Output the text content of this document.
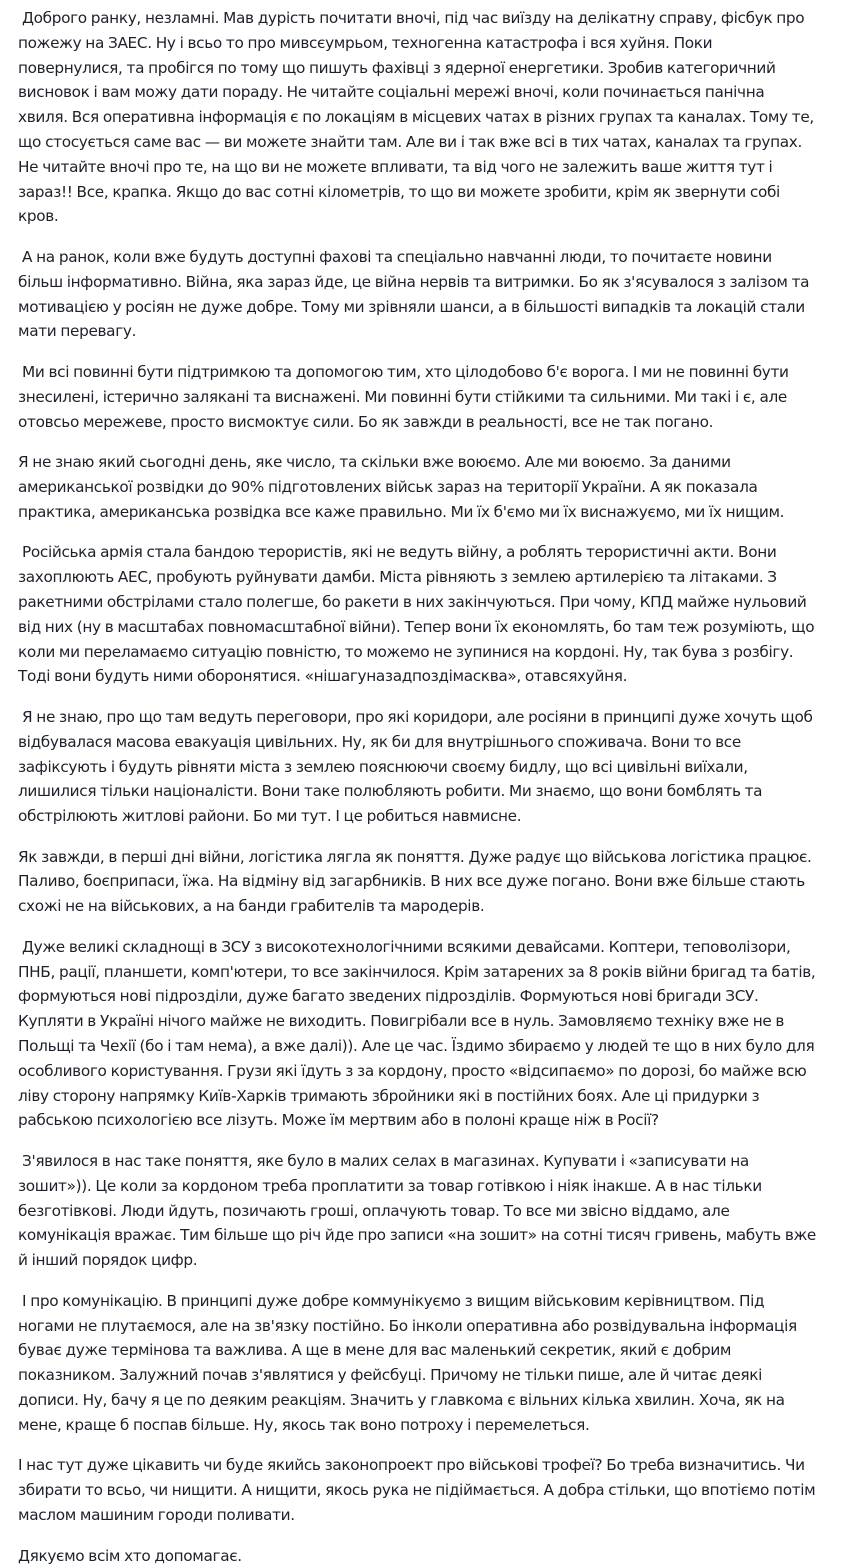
Доброго ранку, незламні. Мав дурість почитати вночі, під час виїзду на делікатну справу, фісбук про пожежу на ЗАЕС. Ну і всьо то про мивсєумрьом, техногенна катастрофа і вся хуйня. Поки повернулися, та пробігся по тому що пишуть фахівці з ядерної енергетики. Зробив категоричний висновок і вам можу дати пораду. Не читайте соціальні мережі вночі, коли починається панічна хвиля. Вся оперативна інформація є по локаціям в місцевих чатах в різних групах та каналах. Тому те, що стосується саме вас — ви можете знайти там. Але ви і так вже всі в тих чатах, каналах та групах. Не читайте вночі про те, на що ви не можете впливати, та від чого не залежить ваше життя тут і зараз!! Все, крапка. Якщо до вас сотні кілометрів, то що ви можете зробити, крім як звернути собі кров.

А на ранок, коли вже будуть доступні фахові та спеціально навчанні люди, то почитаєте новини більш інформативно. Війна, яка зараз йде, це війна нервів та витримки. Бо як з'ясувалося з залізом та мотивацією у росіян не дуже добре. Тому ми зрівняли шанси, а в більшості випадків та локацій стали мати перевагу.

Ми всі повинні бути підтримкою та допомогою тим, хто цілодобово б'є ворога. І ми не повинні бути знесилені, істерично залякані та виснажені. Ми повинні бути стійкими та сильними. Ми такі і є, але отовсьо мережеве, просто висмоктує сили. Бо як завжди в реальності, все не так погано.

Я не знаю який сьогодні день, яке число, та скільки вже воюємо. Але ми воюємо. За даними американської розвідки до 90% підготовлених військ зараз на території України. А як показала практика, американська розвідка все каже правильно. Ми їх б'ємо ми їх виснажуємо, ми їх нищим.

Російська армія стала бандою терористів, які не ведуть війну, а роблять терористичні акти. Вони захоплюють АЕС, пробують руйнувати дамби. Міста рівняють з землею артилерією та літаками. З ракетними обстрілами стало полегше, бо ракети в них закінчуються. При чому, КПД майже нульовий від них (ну в масштабах повномасштабної війни). Тепер вони їх економлять, бо там теж розуміють, що коли ми переламаємо ситуацію повністю, то можемо не зупинися на кордоні. Ну, так бува з розбігу. Тоді вони будуть ними оборонятися. «нішагуназадпоздімасква», отавсяхуйня.

Я не знаю, про що там ведуть переговори, про які коридори, але росіяни в принципі дуже хочуть щоб відбувалася масова евакуація цивільних. Ну, як би для внутрішнього споживача. Вони то все зафіксують і будуть рівняти міста з землею пояснюючи своєму бидлу, що всі цивільні виїхали, лишилися тільки націоналісти. Вони таке полюбляють робити. Ми знаємо, що вони бомблять та обстрілюють житлові райони. Бо ми тут. І це робиться навмисне.

Як завжди, в перші дні війни, логістика лягла як поняття. Дуже радує що військова логістика працює. Паливо, боєприпаси, їжа. На відміну від загарбників. В них все дуже погано. Вони вже більше стають схожі не на військових, а на банди грабителів та мародерів.

Дуже великі складнощі в ЗСУ з високотехнологічними всякими девайсами. Коптери, теповолізори, ПНБ, рації, планшети, комп'ютери, то все закінчилося. Крім затарених за 8 років війни бригад та батів, формуються нові підрозділи, дуже багато зведених підрозділів. Формуються нові бригади ЗСУ. Купляти в Україні нічого майже не виходить. Повигрібали все в нуль. Замовляємо техніку вже не в Польщі та Чехії (бо і там нема), а вже далі)). Але це час. Їздимо збираємо у людей те що в них було для особливого користування. Грузи які їдуть з за кордону, просто «відсипаємо» по дорозі, бо майже всю ліву сторону напрямку Київ-Харків тримають збройники які в постійних боях. Але ці придурки з рабською психологією все лізуть. Може їм мертвим або в полоні краще ніж в Росії?

З'явилося в нас таке поняття, яке було в малих селах в магазинах. Купувати і «записувати на зошит»)). Це коли за кордоном треба проплатити за товар готівкою і ніяк інакше. А в нас тільки безготівкові. Люди йдуть, позичають гроші, оплачують товар. То все ми звісно віддамо, але комунікація вражає. Тим більше що річ йде про записи «на зошит» на сотні тисяч гривень, мабуть вже й інший порядок цифр.

І про комунікацію. В принципі дуже добре коммунікуємо з вищим військовим керівництвом. Під ногами не плутаємося, але на зв'язку постійно. Бо інколи оперативна або розвідувальна інформація буває дуже термінова та важлива. А ще в мене для вас маленький секретик, який є добрим показником. Залужний почав з'являтися у фейсбуці. Причому не тільки пише, але й читає деякі дописи. Ну, бачу я це по деяким реакціям. Значить у главкома є вільних кілька хвилин. Хоча, як на мене, краще б поспав більше. Ну, якось так воно потроху і перемелеться.

І нас тут дуже цікавить чи буде якийсь законопроект про військові трофеї? Бо треба визначитись. Чи збирати то всьо, чи нищити. А нищити, якось рука не підіймається. А добра стільки, що впотіємо потім маслом машиним городи поливати.

Дякуємо всім хто допомагає.
